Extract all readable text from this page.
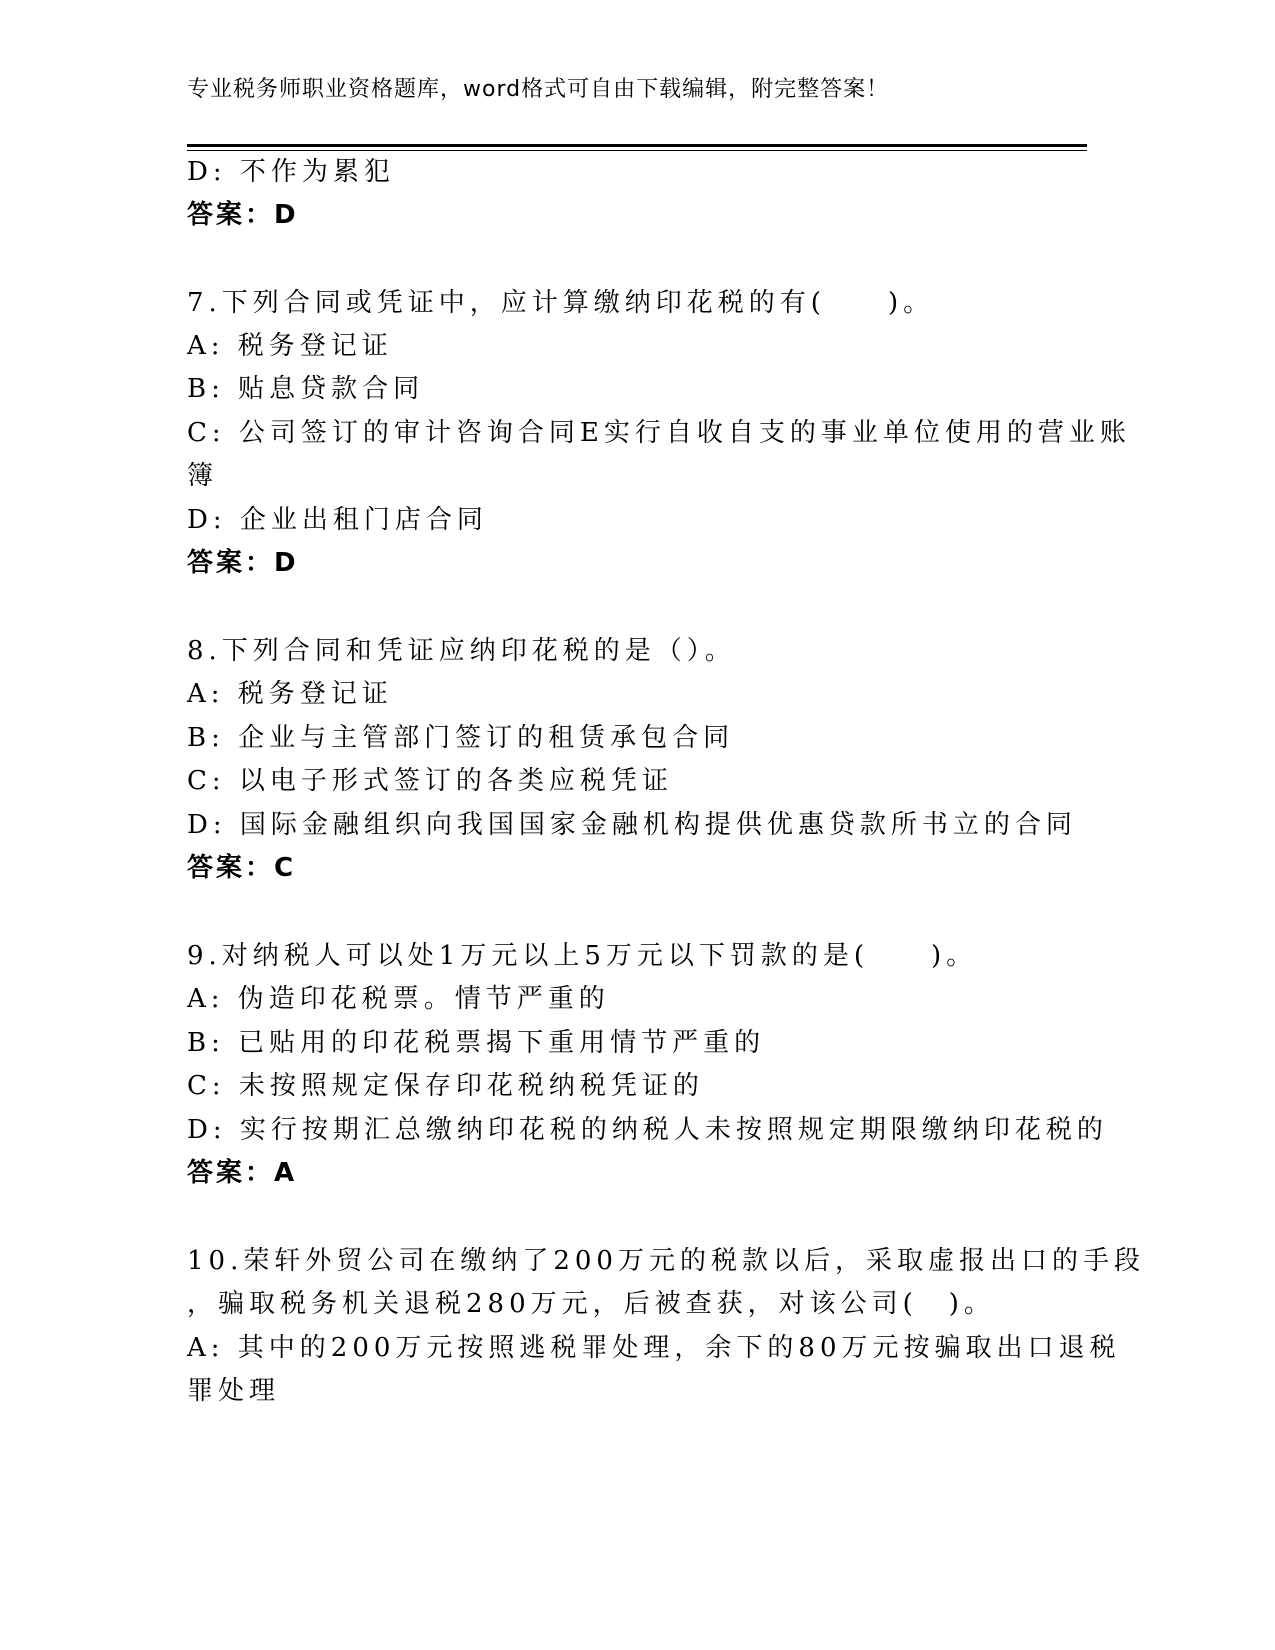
专业税务师职业资格题库，word格式可自由下载编辑，附完整答案！
D: 不作为累犯
答案：D
7.下列合同或凭证中，应计算缴纳印花税的有(　　)。
A: 税务登记证
B: 贴息贷款合同
C: 公司签订的审计咨询合同E实行自收自支的事业单位使用的营业账
簿
D: 企业出租门店合同
答案：D
8.下列合同和凭证应纳印花税的是（）。
A: 税务登记证
B: 企业与主管部门签订的租赁承包合同
C: 以电子形式签订的各类应税凭证
D: 国际金融组织向我国国家金融机构提供优惠贷款所书立的合同
答案：C
9.对纳税人可以处1万元以上5万元以下罚款的是(　　)。
A: 伪造印花税票。情节严重的
B: 已贴用的印花税票揭下重用情节严重的
C: 未按照规定保存印花税纳税凭证的
D: 实行按期汇总缴纳印花税的纳税人未按照规定期限缴纳印花税的
答案：A
10.荣轩外贸公司在缴纳了200万元的税款以后，采取虚报出口的手段
，骗取税务机关退税280万元，后被查获，对该公司(　)。
A: 其中的200万元按照逃税罪处理，余下的80万元按骗取出口退税
罪处理
